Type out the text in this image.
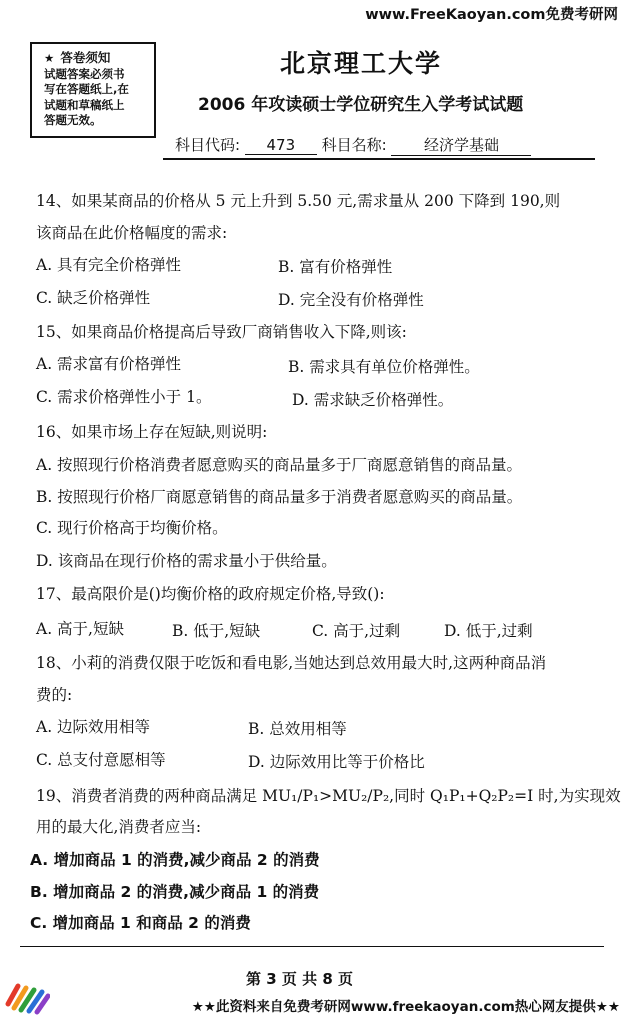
www.FreeKaoyan.com免费考研网
★ 答卷须知
试题答案必须书
写在答题纸上,在
试题和草稿纸上
答题无效。
北京理工大学
2006 年攻读硕士学位研究生入学考试试题
科目代码: 473 科目名称: 经济学基础
14、如果某商品的价格从 5 元上升到 5.50 元,需求量从 200 下降到 190,则
该商品在此价格幅度的需求:
A. 具有完全价格弹性	B. 富有价格弹性
C. 缺乏价格弹性	D. 完全没有价格弹性
15、如果商品价格提高后导致厂商销售收入下降,则该:
A. 需求富有价格弹性	B. 需求具有单位价格弹性。
C. 需求价格弹性小于 1。	D. 需求缺乏价格弹性。
16、如果市场上存在短缺,则说明:
A. 按照现行价格消费者愿意购买的商品量多于厂商愿意销售的商品量。
B. 按照现行价格厂商愿意销售的商品量多于消费者愿意购买的商品量。
C. 现行价格高于均衡价格。
D. 该商品在现行价格的需求量小于供给量。
17、最高限价是()均衡价格的政府规定价格,导致():
A. 高于,短缺	B. 低于,短缺	C. 高于,过剩	D. 低于,过剩
18、小莉的消费仅限于吃饭和看电影,当她达到总效用最大时,这两种商品消
费的:
A. 边际效用相等	B. 总效用相等
C. 总支付意愿相等	D. 边际效用比等于价格比
19、消费者消费的两种商品满足 MU₁/P₁>MU₂/P₂,同时 Q₁P₁+Q₂P₂=I 时,为实现效
用的最大化,消费者应当:
A. 增加商品 1 的消费,减少商品 2 的消费
B. 增加商品 2 的消费,减少商品 1 的消费
C. 增加商品 1 和商品 2 的消费
第 3 页 共 8 页
★★此资料来自免费考研网www.freekaoyan.com热心网友提供★★
